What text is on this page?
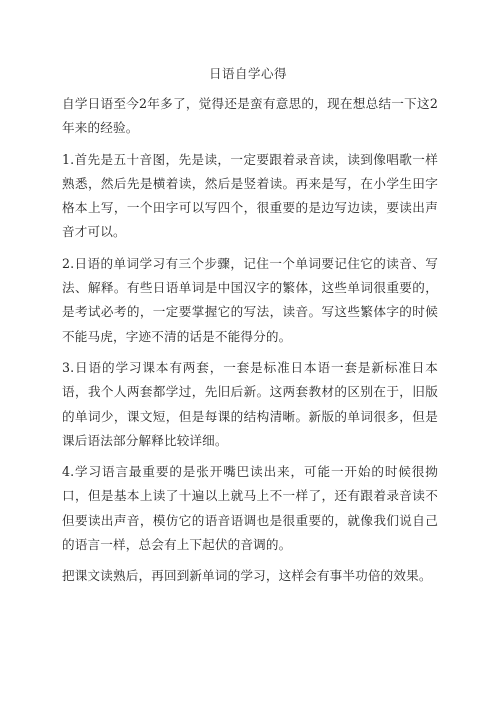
日语自学心得

自学日语至今2年多了，觉得还是蛮有意思的，现在想总结一下这2年来的经验。

1.首先是五十音图，先是读，一定要跟着录音读，读到像唱歌一样熟悉，然后先是横着读，然后是竖着读。再来是写，在小学生田字格本上写，一个田字可以写四个，很重要的是边写边读，要读出声音才可以。

2.日语的单词学习有三个步骤，记住一个单词要记住它的读音、写法、解释。有些日语单词是中国汉字的繁体，这些单词很重要的，是考试必考的，一定要掌握它的写法，读音。写这些繁体字的时候不能马虎，字迹不清的话是不能得分的。

3.日语的学习课本有两套，一套是标准日本语一套是新标准日本语，我个人两套都学过，先旧后新。这两套教材的区别在于，旧版的单词少，课文短，但是每课的结构清晰。新版的单词很多，但是课后语法部分解释比较详细。

4.学习语言最重要的是张开嘴巴读出来，可能一开始的时候很拗口，但是基本上读了十遍以上就马上不一样了，还有跟着录音读不但要读出声音，模仿它的语音语调也是很重要的，就像我们说自己的语言一样，总会有上下起伏的音调的。

把课文读熟后，再回到新单词的学习，这样会有事半功倍的效果。
